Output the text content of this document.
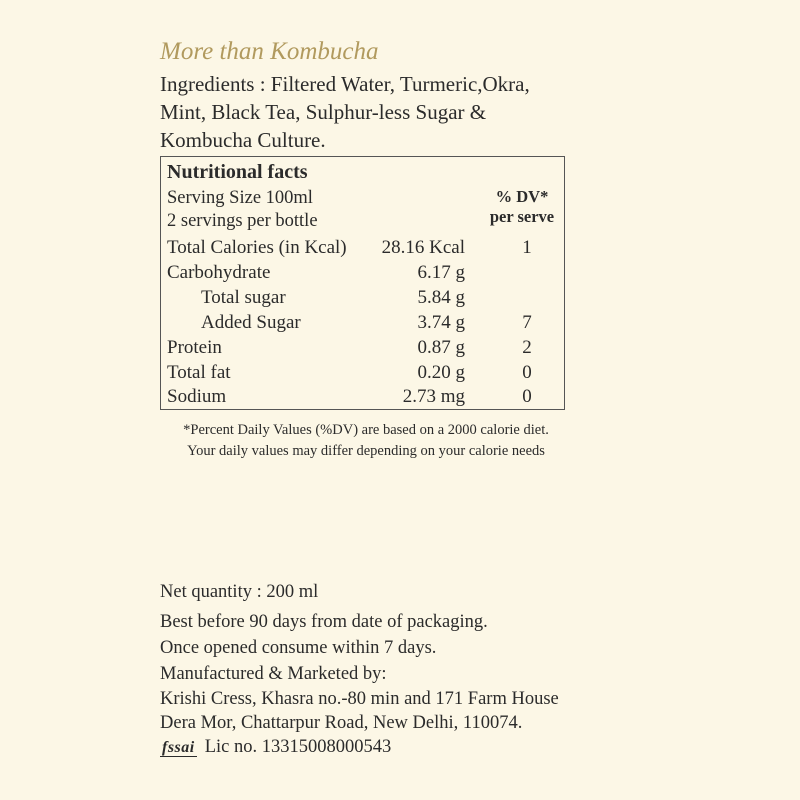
More than Kombucha
Ingredients : Filtered Water, Turmeric,Okra, Mint, Black Tea, Sulphur-less Sugar & Kombucha Culture.
Nutritional facts
Serving Size 100ml
2 servings per bottle
% DV*
per serve
Total Calories (in Kcal) 28.16 Kcal	1
Carbohydrate	6.17 g
Total sugar	5.84 g
Added Sugar	3.74 g	7
Protein	0.87 g	2
Total fat	0.20 g	0
Sodium	2.73 mg	0
*Percent Daily Values (%DV) are based on a 2000 calorie diet.
Your daily values may differ depending on your calorie needs
Net quantity : 200 ml
Best before 90 days from date of packaging.
Once opened consume within 7 days.
Manufactured & Marketed by:
Krishi Cress, Khasra no.-80 min and 171 Farm House
Dera Mor, Chattarpur Road, New Delhi, 110074.
fssai Lic no. 13315008000543
